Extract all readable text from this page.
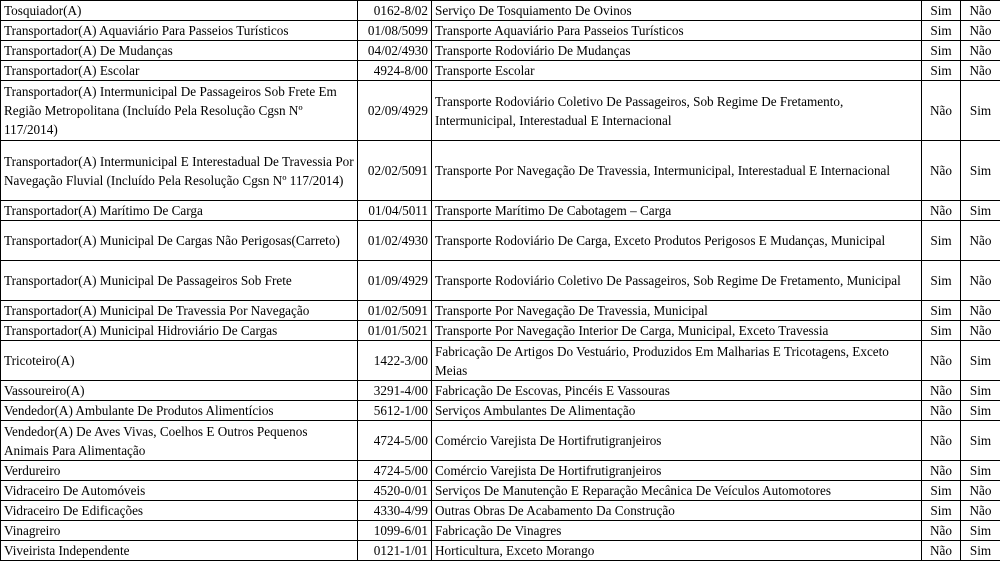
Tosquiador(A)	0162-8/02	Serviço De Tosquiamento De Ovinos	Sim	Não
Transportador(A) Aquaviário Para Passeios Turísticos	01/08/5099	Transporte Aquaviário Para Passeios Turísticos	Sim	Não
Transportador(A) De Mudanças	04/02/4930	Transporte Rodoviário De Mudanças	Sim	Não
Transportador(A) Escolar	4924-8/00	Transporte Escolar	Sim	Não
Transportador(A) Intermunicipal De Passageiros Sob Frete Em Região Metropolitana (Incluído Pela Resolução Cgsn Nº 117/2014)	02/09/4929	Transporte Rodoviário Coletivo De Passageiros, Sob Regime De Fretamento, Intermunicipal, Interestadual E Internacional	Não	Sim
Transportador(A) Intermunicipal E Interestadual De Travessia Por Navegação Fluvial (Incluído Pela Resolução Cgsn Nº 117/2014)	02/02/5091	Transporte Por Navegação De Travessia, Intermunicipal, Interestadual E Internacional	Não	Sim
Transportador(A) Marítimo De Carga	01/04/5011	Transporte Marítimo De Cabotagem – Carga	Não	Sim
Transportador(A) Municipal De Cargas Não Perigosas(Carreto)	01/02/4930	Transporte Rodoviário De Carga, Exceto Produtos Perigosos E Mudanças, Municipal	Sim	Não
Transportador(A) Municipal De Passageiros Sob Frete	01/09/4929	Transporte Rodoviário Coletivo De Passageiros, Sob Regime De Fretamento, Municipal	Sim	Não
Transportador(A) Municipal De Travessia Por Navegação	01/02/5091	Transporte Por Navegação De Travessia, Municipal	Sim	Não
Transportador(A) Municipal Hidroviário De Cargas	01/01/5021	Transporte Por Navegação Interior De Carga, Municipal, Exceto Travessia	Sim	Não
Tricoteiro(A)	1422-3/00	Fabricação De Artigos Do Vestuário, Produzidos Em Malharias E Tricotagens, Exceto Meias	Não	Sim
Vassoureiro(A)	3291-4/00	Fabricação De Escovas, Pincéis E Vassouras	Não	Sim
Vendedor(A) Ambulante De Produtos Alimentícios	5612-1/00	Serviços Ambulantes De Alimentação	Não	Sim
Vendedor(A) De Aves Vivas, Coelhos E Outros Pequenos Animais Para Alimentação	4724-5/00	Comércio Varejista De Hortifrutigranjeiros	Não	Sim
Verdureiro	4724-5/00	Comércio Varejista De Hortifrutigranjeiros	Não	Sim
Vidraceiro De Automóveis	4520-0/01	Serviços De Manutenção E Reparação Mecânica De Veículos Automotores	Sim	Não
Vidraceiro De Edificações	4330-4/99	Outras Obras De Acabamento Da Construção	Sim	Não
Vinagreiro	1099-6/01	Fabricação De Vinagres	Não	Sim
Viveirista Independente	0121-1/01	Horticultura, Exceto Morango	Não	Sim
